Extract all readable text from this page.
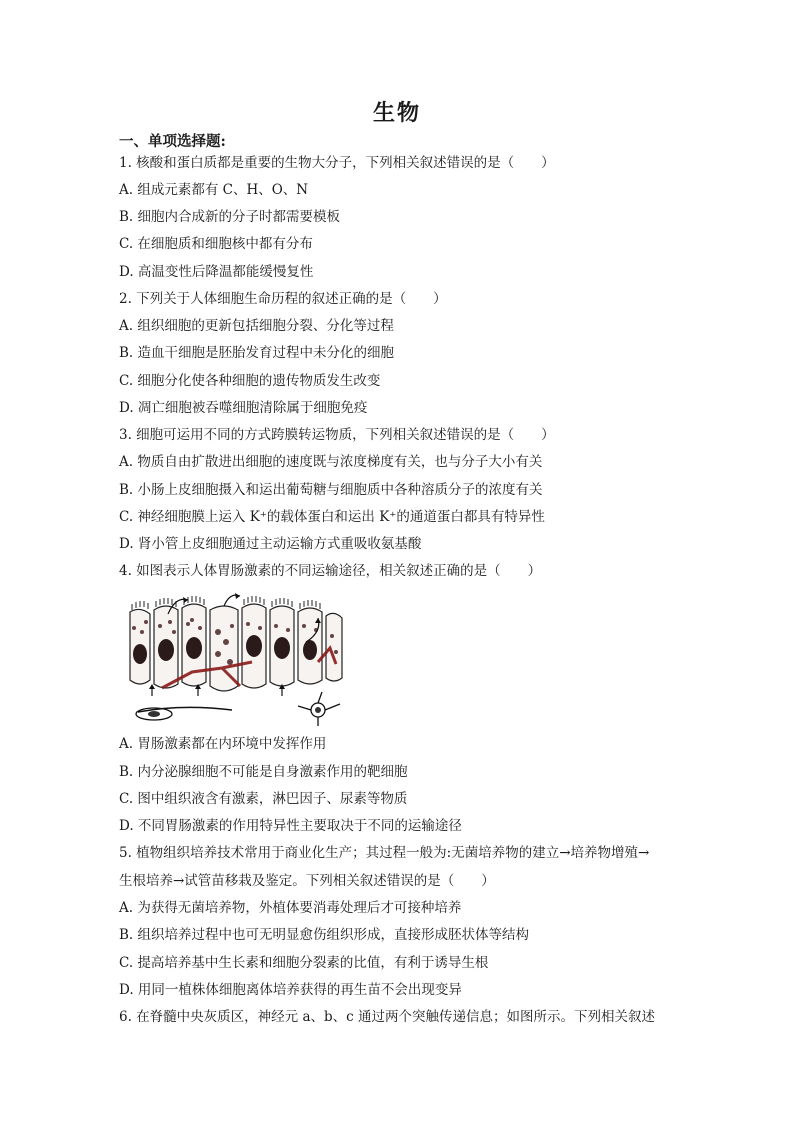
生物
一、单项选择题:
1. 核酸和蛋白质都是重要的生物大分子，下列相关叙述错误的是（　　）
A. 组成元素都有 C、H、O、N
B. 细胞内合成新的分子时都需要模板
C. 在细胞质和细胞核中都有分布
D. 高温变性后降温都能缓慢复性
2. 下列关于人体细胞生命历程的叙述正确的是（　　）
A. 组织细胞的更新包括细胞分裂、分化等过程
B. 造血干细胞是胚胎发育过程中未分化的细胞
C. 细胞分化使各种细胞的遗传物质发生改变
D. 凋亡细胞被吞噬细胞清除属于细胞免疫
3. 细胞可运用不同的方式跨膜转运物质，下列相关叙述错误的是（　　）
A. 物质自由扩散进出细胞的速度既与浓度梯度有关，也与分子大小有关
B. 小肠上皮细胞摄入和运出葡萄糖与细胞质中各种溶质分子的浓度有关
C. 神经细胞膜上运入 K⁺的载体蛋白和运出 K⁺的通道蛋白都具有特异性
D. 肾小管上皮细胞通过主动运输方式重吸收氨基酸
4. 如图表示人体胃肠激素的不同运输途径，相关叙述正确的是（　　）
A. 胃肠激素都在内环境中发挥作用
B. 内分泌腺细胞不可能是自身激素作用的靶细胞
C. 图中组织液含有激素，淋巴因子、尿素等物质
D. 不同胃肠激素的作用特异性主要取决于不同的运输途径
5. 植物组织培养技术常用于商业化生产；其过程一般为:无菌培养物的建立→培养物增殖→
生根培养→试管苗移栽及鉴定。下列相关叙述错误的是（　　）
A. 为获得无菌培养物，外植体要消毒处理后才可接种培养
B. 组织培养过程中也可无明显愈伤组织形成，直接形成胚状体等结构
C. 提高培养基中生长素和细胞分裂素的比值，有利于诱导生根
D. 用同一植株体细胞离体培养获得的再生苗不会出现变异
6. 在脊髓中央灰质区，神经元 a、b、c 通过两个突触传递信息；如图所示。下列相关叙述
